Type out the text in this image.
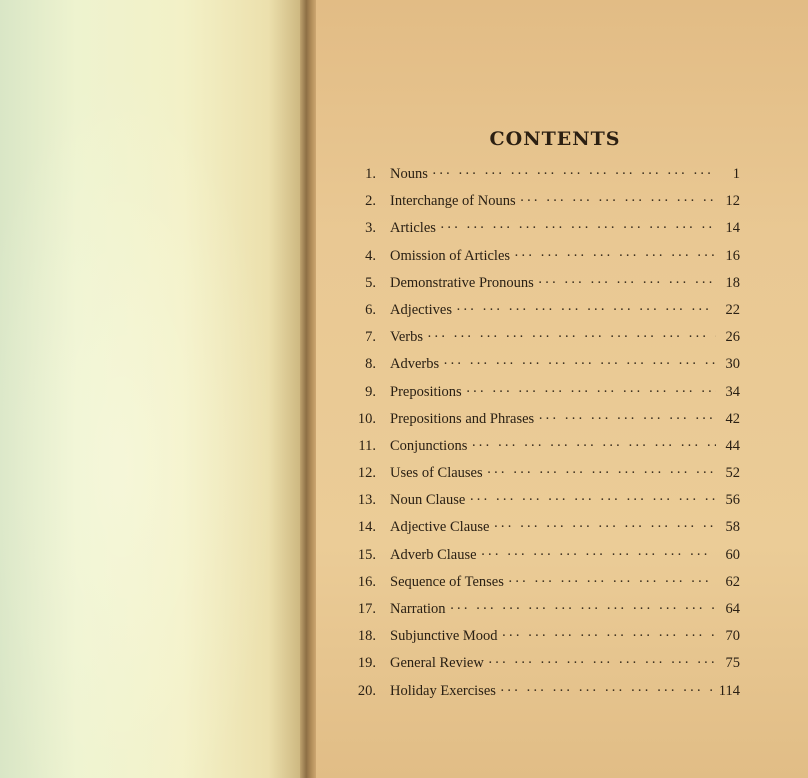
CONTENTS
1. Nouns ··· ·	1
2. Interchange of Nouns ··· ·	12
3. Articles ··· ·	14
4. Omission of Articles ··· ·	16
5. Demonstrative Pronouns ··· ·	18
6. Adjectives ··· ·	22
7. Verbs ··· ·	26
8. Adverbs ··· ·	30
9. Prepositions ··· ·	34
10. Prepositions and Phrases ··· ·	42
11. Conjunctions ··· ·	44
12. Uses of Clauses ··· ·	52
13. Noun Clause ··· ·	56
14. Adjective Clause ··· ·	58
15. Adverb Clause ··· ·	60
16. Sequence of Tenses ··· ·	62
17. Narration ··· ·	64
18. Subjunctive Mood ··· ·	70
19. General Review ··· ·	75
20. Holiday Exercises ··· ·	114
